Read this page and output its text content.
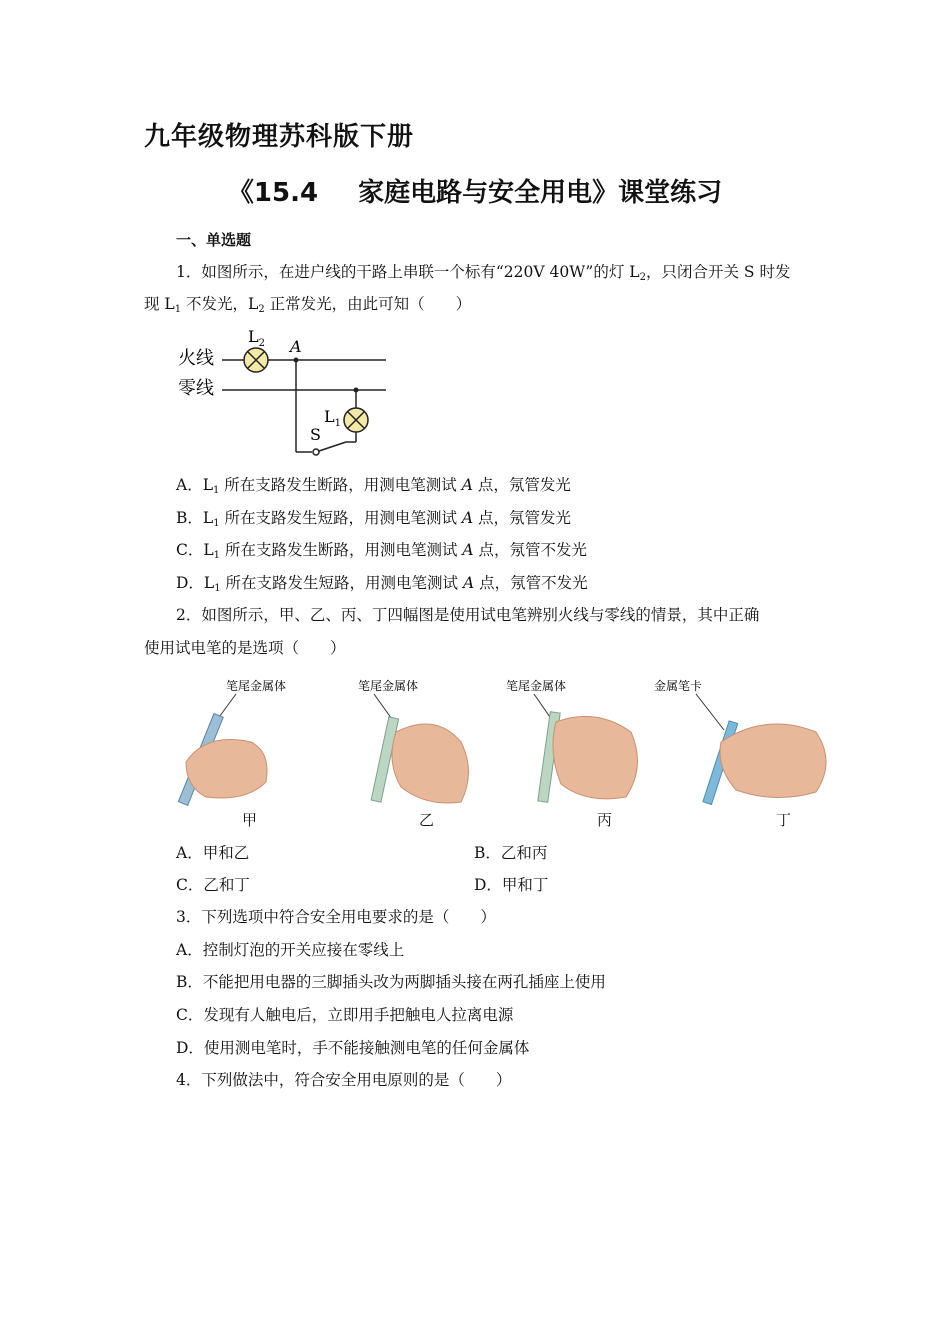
九年级物理苏科版下册
《15.4 家庭电路与安全用电》课堂练习
一、单选题
1．如图所示，在进户线的干路上串联一个标有“220V 40W”的灯 $L_2$，只闭合开关 S 时发
现 $L_1$ 不发光，$L_2$ 正常发光，由此可知（　　）
火线
零线
$L_2$ A
S
$L_1$
A．$L_1$ 所在支路发生断路，用测电笔测试 A 点，氖管发光
B．$L_1$ 所在支路发生短路，用测电笔测试 A 点，氖管发光
C．$L_1$ 所在支路发生断路，用测电笔测试 A 点，氖管不发光
D．$L_1$ 所在支路发生短路，用测电笔测试 A 点，氖管不发光
2．如图所示，甲、乙、丙、丁四幅图是使用试电笔辨别火线与零线的情景，其中正确
使用试电笔的是选项（　　）
笔尾金属体	笔尾金属体	笔尾金属体	金属笔卡
甲	乙	丙	丁
A．甲和乙	B．乙和丙
C．乙和丁	D．甲和丁
3．下列选项中符合安全用电要求的是（　　）
A．控制灯泡的开关应接在零线上
B．不能把用电器的三脚插头改为两脚插头接在两孔插座上使用
C．发现有人触电后，立即用手把触电人拉离电源
D．使用测电笔时，手不能接触测电笔的任何金属体
4．下列做法中，符合安全用电原则的是（　　）
